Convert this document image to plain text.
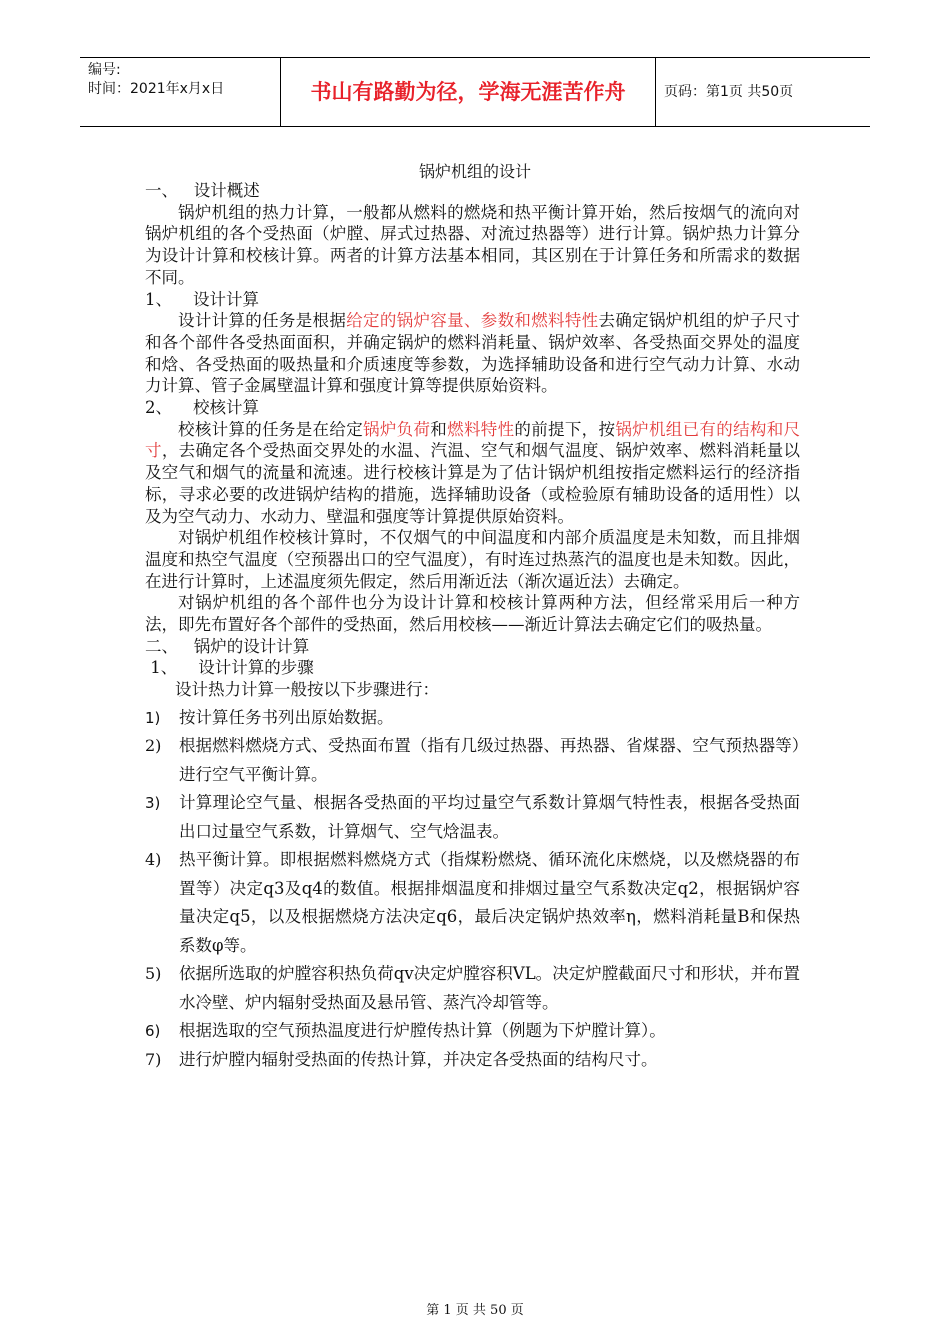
编号:
时间：2021年x月x日	书山有路勤为径，学海无涯苦作舟	页码：第1页 共50页
锅炉机组的设计

一、   设计概述

锅炉机组的热力计算，一般都从燃料的燃烧和热平衡计算开始，然后按烟气的流向对锅炉机组的各个受热面（炉膛、屏式过热器、对流过热器等）进行计算。锅炉热力计算分为设计计算和校核计算。两者的计算方法基本相同，其区别在于计算任务和所需求的数据不同。

1、    设计计算

设计计算的任务是根据给定的锅炉容量、参数和燃料特性去确定锅炉机组的炉子尺寸和各个部件各受热面面积，并确定锅炉的燃料消耗量、锅炉效率、各受热面交界处的温度和焓、各受热面的吸热量和介质速度等参数，为选择辅助设备和进行空气动力计算、水动力计算、管子金属壁温计算和强度计算等提供原始资料。

2、    校核计算

校核计算的任务是在给定锅炉负荷和燃料特性的前提下，按锅炉机组已有的结构和尺寸，去确定各个受热面交界处的水温、汽温、空气和烟气温度、锅炉效率、燃料消耗量以及空气和烟气的流量和流速。进行校核计算是为了估计锅炉机组按指定燃料运行的经济指标，寻求必要的改进锅炉结构的措施，选择辅助设备（或检验原有辅助设备的适用性）以及为空气动力、水动力、壁温和强度等计算提供原始资料。

对锅炉机组作校核计算时，不仅烟气的中间温度和内部介质温度是未知数，而且排烟温度和热空气温度（空预器出口的空气温度），有时连过热蒸汽的温度也是未知数。因此，在进行计算时，上述温度须先假定，然后用渐近法（渐次逼近法）去确定。

对锅炉机组的各个部件也分为设计计算和校核计算两种方法，但经常采用后一种方法，即先布置好各个部件的受热面，然后用校核——渐近计算法去确定它们的吸热量。

二、   锅炉的设计计算

1、    设计计算的步骤

设计热力计算一般按以下步骤进行：

1)	按计算任务书列出原始数据。
2)	根据燃料燃烧方式、受热面布置（指有几级过热器、再热器、省煤器、空气预热器等）进行空气平衡计算。
3)	计算理论空气量、根据各受热面的平均过量空气系数计算烟气特性表，根据各受热面出口过量空气系数，计算烟气、空气焓温表。
4)	热平衡计算。即根据燃料燃烧方式（指煤粉燃烧、循环流化床燃烧，以及燃烧器的布置等）决定q3及q4的数值。根据排烟温度和排烟过量空气系数决定q2，根据锅炉容量决定q5，以及根据燃烧方法决定q6，最后决定锅炉热效率η，燃料消耗量B和保热系数φ等。
5)	依据所选取的炉膛容积热负荷qv决定炉膛容积VL。决定炉膛截面尺寸和形状，并布置水冷壁、炉内辐射受热面及悬吊管、蒸汽冷却管等。
6)	根据选取的空气预热温度进行炉膛传热计算（例题为下炉膛计算）。
7)	进行炉膛内辐射受热面的传热计算，并决定各受热面的结构尺寸。
第 1 页 共 50 页
